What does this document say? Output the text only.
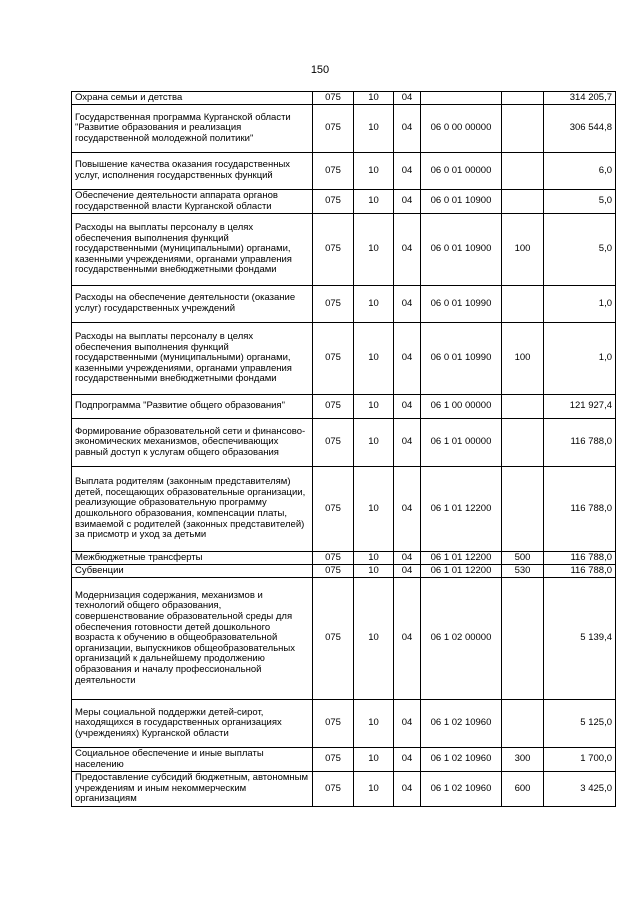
150
Охрана семьи и детства	075	10	04			314 205,7
Государственная программа Курганской области "Развитие образования и реализация государственной молодежной политики"	075	10	04	06 0 00 00000		306 544,8
Повышение качества оказания государственных услуг, исполнения государственных функций	075	10	04	06 0 01 00000		6,0
Обеспечение деятельности аппарата органов государственной власти Курганской области	075	10	04	06 0 01 10900		5,0
Расходы на выплаты персоналу в целях обеспечения выполнения функций государственными (муниципальными) органами, казенными учреждениями, органами управления государственными внебюджетными фондами	075	10	04	06 0 01 10900	100	5,0
Расходы на обеспечение деятельности (оказание услуг) государственных учреждений	075	10	04	06 0 01 10990		1,0
Расходы на выплаты персоналу в целях обеспечения выполнения функций государственными (муниципальными) органами, казенными учреждениями, органами управления государственными внебюджетными фондами	075	10	04	06 0 01 10990	100	1,0
Подпрограмма "Развитие общего образования"	075	10	04	06 1 00 00000		121 927,4
Формирование образовательной сети и финансово-экономических механизмов, обеспечивающих равный доступ к услугам общего образования	075	10	04	06 1 01 00000		116 788,0
Выплата родителям (законным представителям) детей, посещающих образовательные организации, реализующие образовательную программу дошкольного образования, компенсации платы, взимаемой с родителей (законных представителей) за присмотр и уход за детьми	075	10	04	06 1 01 12200		116 788,0
Межбюджетные трансферты	075	10	04	06 1 01 12200	500	116 788,0
Субвенции	075	10	04	06 1 01 12200	530	116 788,0
Модернизация содержания, механизмов и технологий общего образования, совершенствование образовательной среды для обеспечения готовности детей дошкольного возраста к обучению в общеобразовательной организации, выпускников общеобразовательных организаций к дальнейшему продолжению образования и началу профессиональной деятельности	075	10	04	06 1 02 00000		5 139,4
Меры социальной поддержки детей-сирот, находящихся в государственных организациях (учреждениях) Курганской области	075	10	04	06 1 02 10960		5 125,0
Социальное обеспечение и иные выплаты населению	075	10	04	06 1 02 10960	300	1 700,0
Предоставление субсидий бюджетным, автономным учреждениям и иным некоммерческим организациям	075	10	04	06 1 02 10960	600	3 425,0
